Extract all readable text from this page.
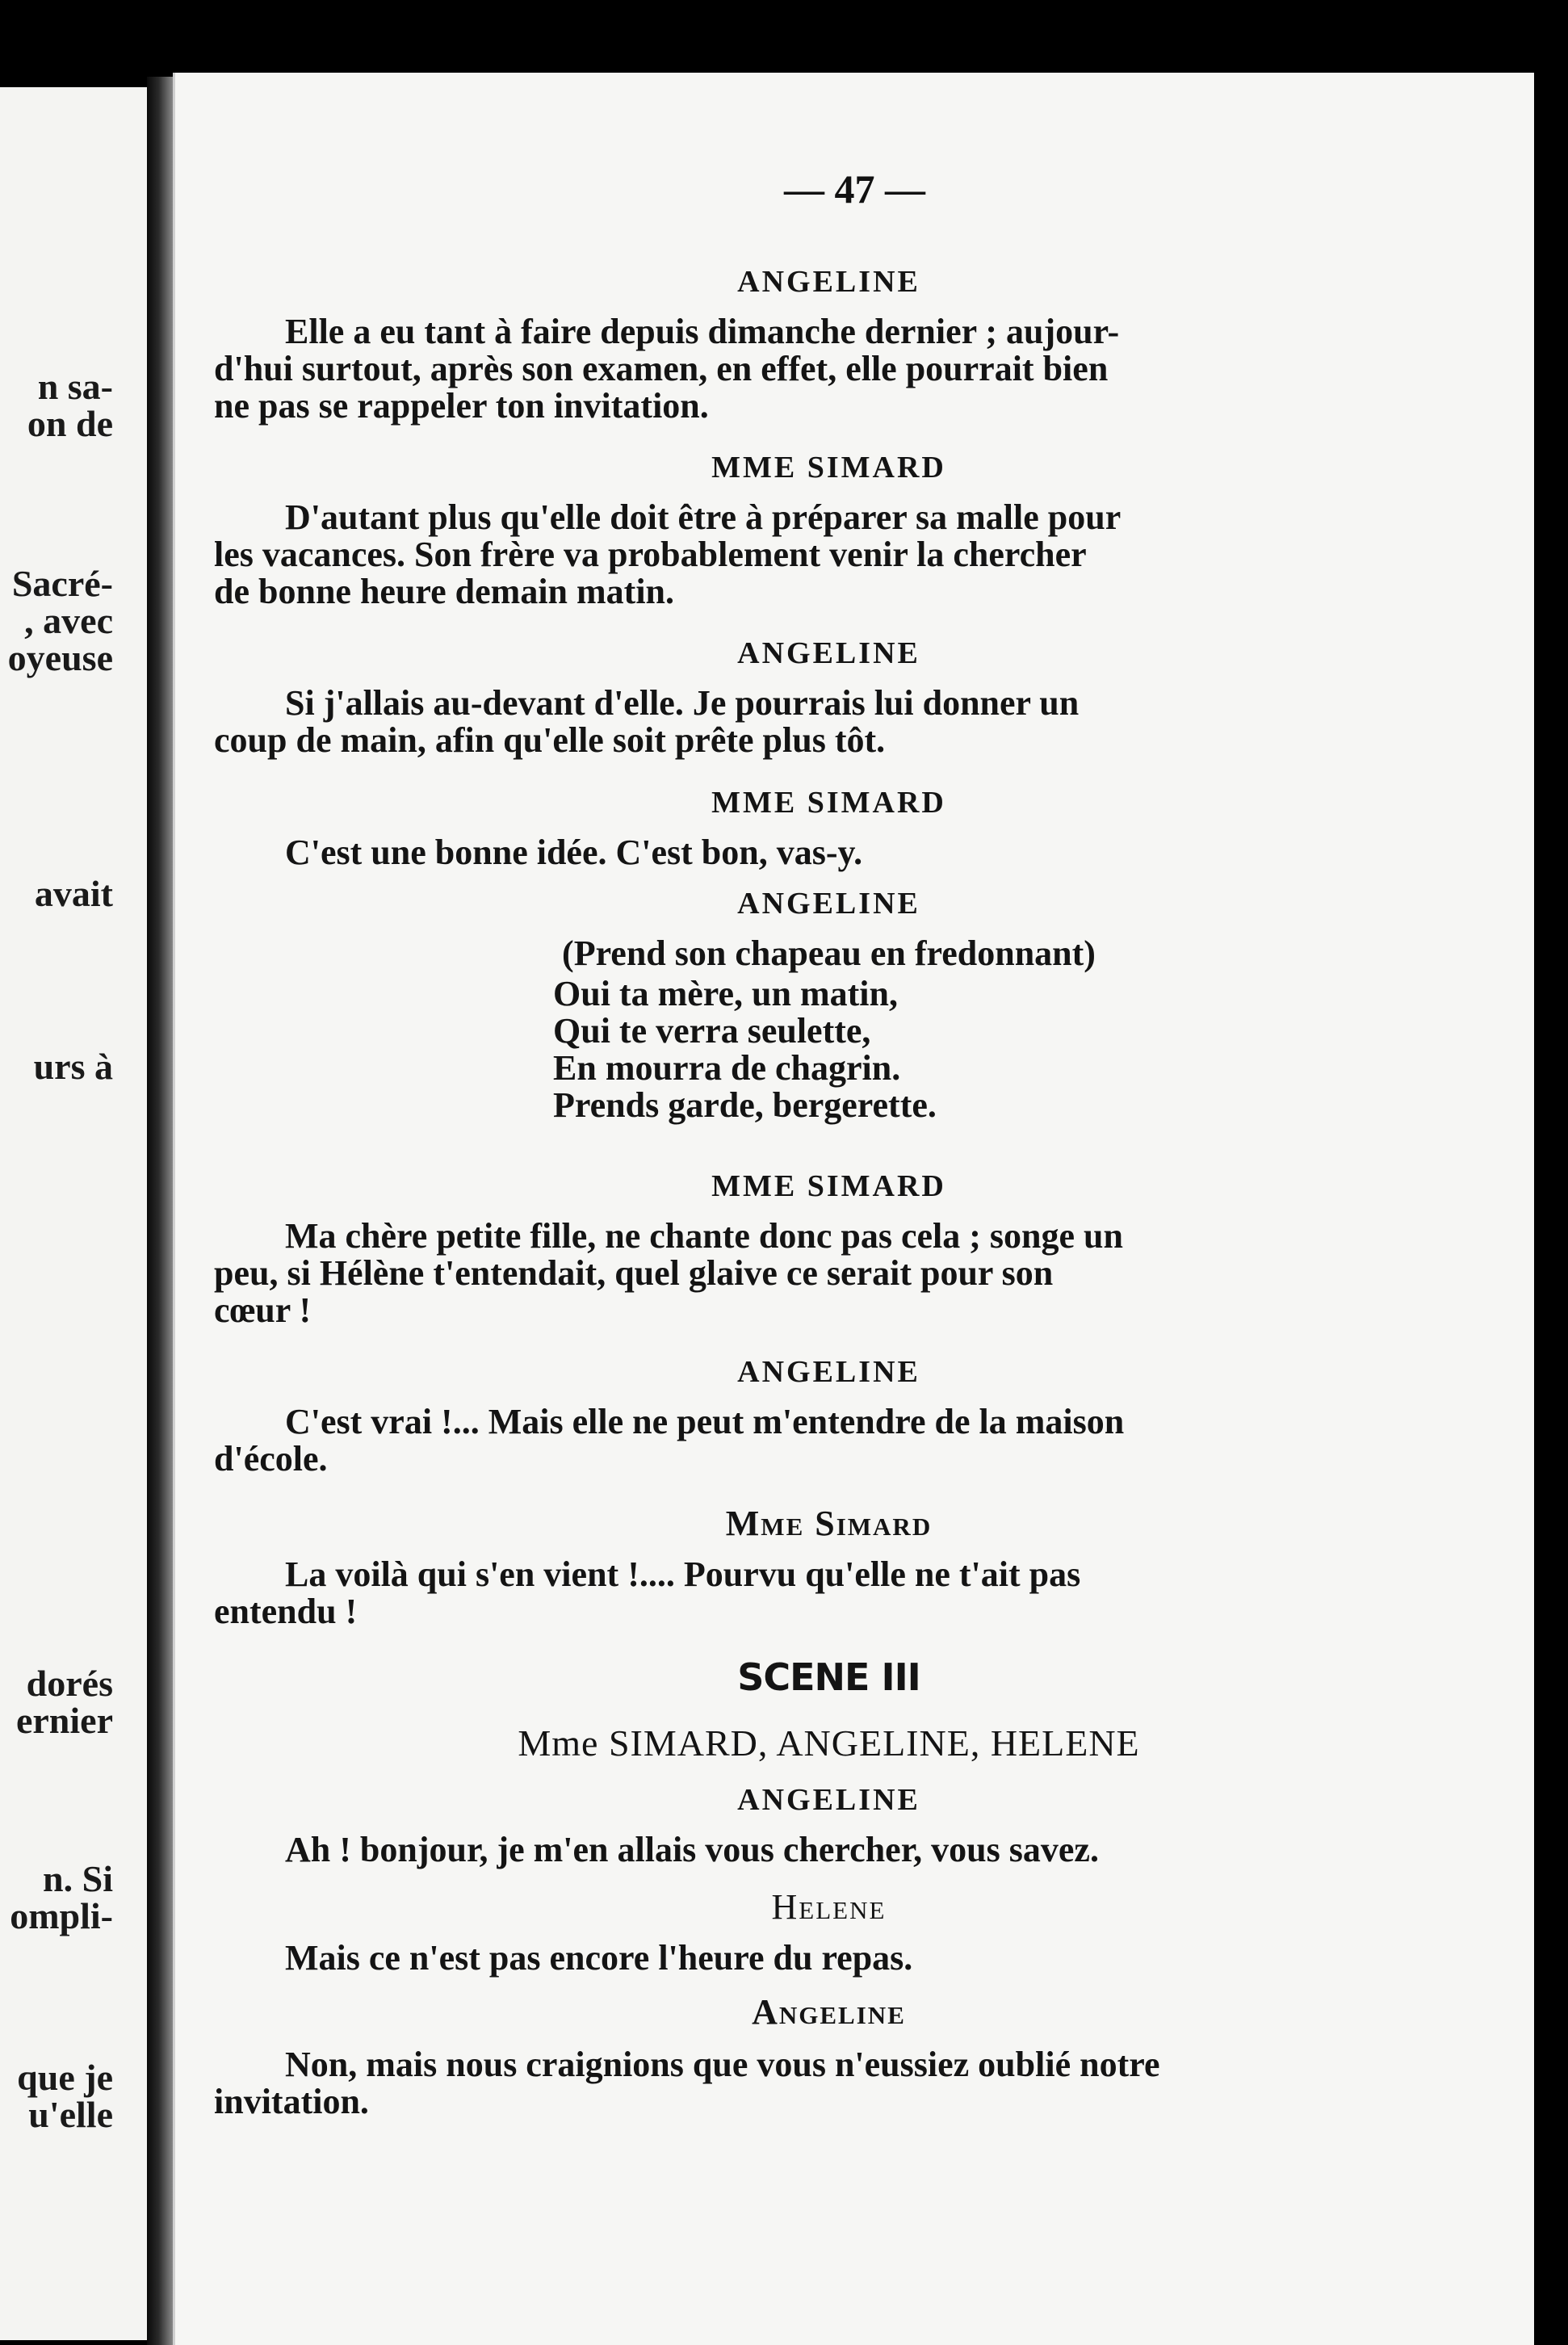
n sa-
on de
Sacré-
, avec
oyeuse
avait
urs à
dorés
ernier
n. Si
ompli-
que je
u'elle
— 47 —
ANGELINE
Elle a eu tant à faire depuis dimanche dernier ; aujour-
d'hui surtout, après son examen, en effet, elle pourrait bien
ne pas se rappeler ton invitation.
MME SIMARD
D'autant plus qu'elle doit être à préparer sa malle pour
les vacances. Son frère va probablement venir la chercher
de bonne heure demain matin.
ANGELINE
Si j'allais au-devant d'elle. Je pourrais lui donner un
coup de main, afin qu'elle soit prête plus tôt.
MME SIMARD
C'est une bonne idée. C'est bon, vas-y.
ANGELINE
(Prend son chapeau en fredonnant)
Oui ta mère, un matin,
Qui te verra seulette,
En mourra de chagrin.
Prends garde, bergerette.
MME SIMARD
Ma chère petite fille, ne chante donc pas cela ; songe un
peu, si Hélène t'entendait, quel glaive ce serait pour son
cœur !
ANGELINE
C'est vrai !... Mais elle ne peut m'entendre de la maison
d'école.
Mme Simard
La voilà qui s'en vient !.... Pourvu qu'elle ne t'ait pas
entendu !
SCENE III
Mme SIMARD, ANGELINE, HELENE
ANGELINE
Ah ! bonjour, je m'en allais vous chercher, vous savez.
Helene
Mais ce n'est pas encore l'heure du repas.
Angeline
Non, mais nous craignions que vous n'eussiez oublié notre
invitation.
